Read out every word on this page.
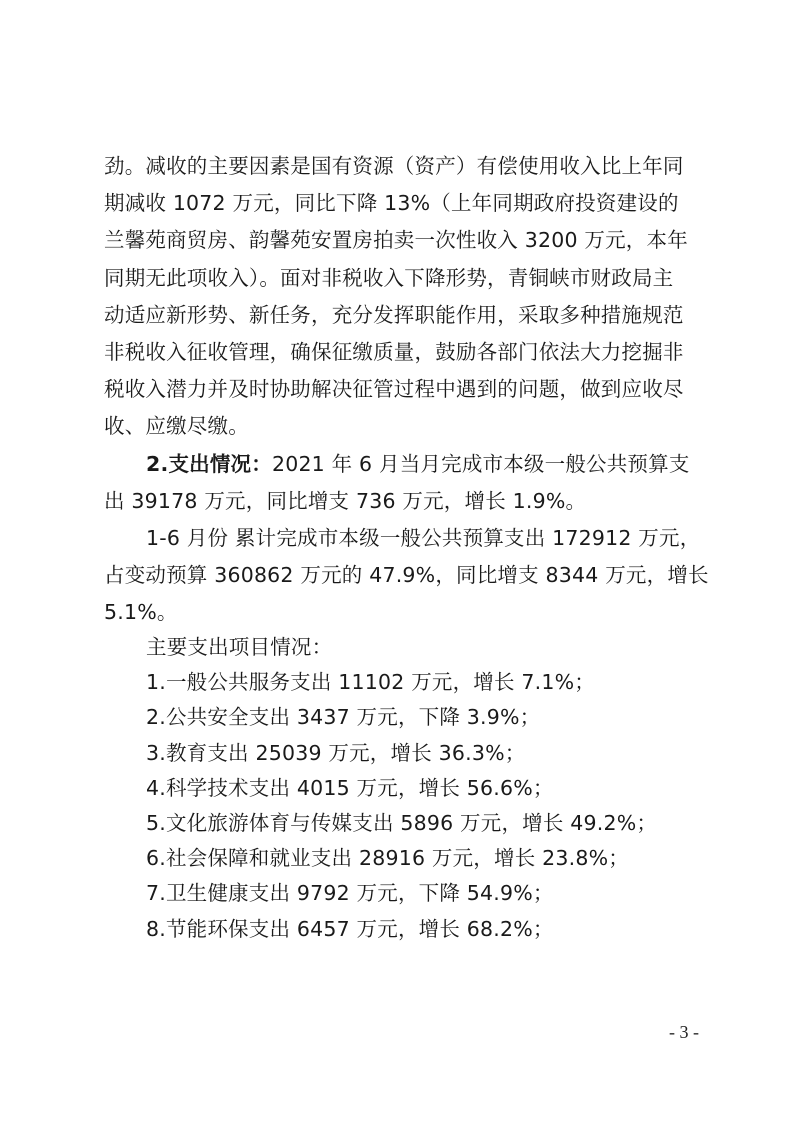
劲。减收的主要因素是国有资源（资产）有偿使用收入比上年同
期减收 1072 万元，同比下降 13%（上年同期政府投资建设的
兰馨苑商贸房、韵馨苑安置房拍卖一次性收入 3200 万元，本年
同期无此项收入）。面对非税收入下降形势，青铜峡市财政局主
动适应新形势、新任务，充分发挥职能作用，采取多种措施规范
非税收入征收管理，确保征缴质量，鼓励各部门依法大力挖掘非
税收入潜力并及时协助解决征管过程中遇到的问题，做到应收尽
收、应缴尽缴。
2.支出情况：2021 年 6 月当月完成市本级一般公共预算支
出 39178 万元，同比增支 736 万元，增长 1.9%。
1-6 月份 累计完成市本级一般公共预算支出 172912 万元，
占变动预算 360862 万元的 47.9%，同比增支 8344 万元，增长
5.1%。
主要支出项目情况：
1.一般公共服务支出 11102 万元，增长 7.1%；
2.公共安全支出 3437 万元，下降 3.9%；
3.教育支出 25039 万元，增长 36.3%；
4.科学技术支出 4015 万元，增长 56.6%；
5.文化旅游体育与传媒支出 5896 万元，增长 49.2%；
6.社会保障和就业支出 28916 万元，增长 23.8%；
7.卫生健康支出 9792 万元，下降 54.9%；
8.节能环保支出 6457 万元，增长 68.2%；
- 3 -
